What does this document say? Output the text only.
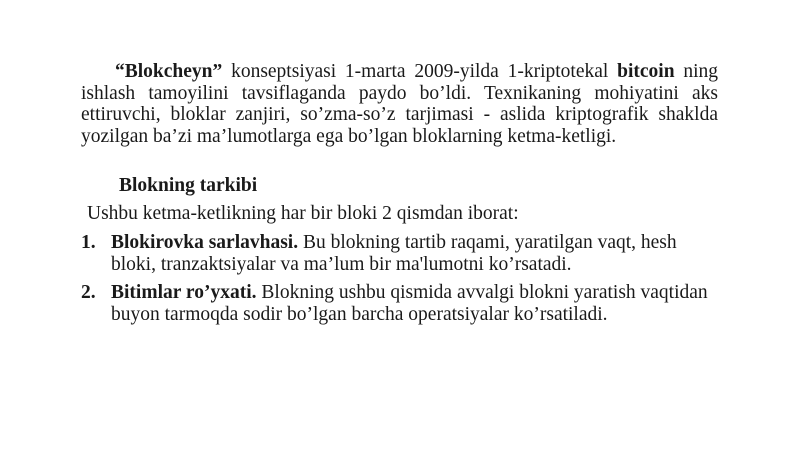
“Blokcheyn” konseptsiyasi 1-marta 2009-yilda 1-kriptotekal bitcoin ning ishlash tamoyilini tavsiflaganda paydo bo’ldi. Texnikaning mohiyatini aks ettiruvchi, bloklar zanjiri, so’zma-so’z tarjimasi - aslida kriptografik shaklda yozilgan ba’zi ma’lumotlarga ega bo’lgan bloklarning ketma-ketligi.
Blokning tarkibi
Ushbu ketma-ketlikning har bir bloki 2 qismdan iborat:
1. Blokirovka sarlavhasi. Bu blokning tartib raqami, yaratilgan vaqt, hesh bloki, tranzaktsiyalar va ma’lum bir ma'lumotni ko’rsatadi.
2. Bitimlar ro’yxati. Blokning ushbu qismida avvalgi blokni yaratish vaqtidan buyon tarmoqda sodir bo’lgan barcha operatsiyalar ko’rsatiladi.
